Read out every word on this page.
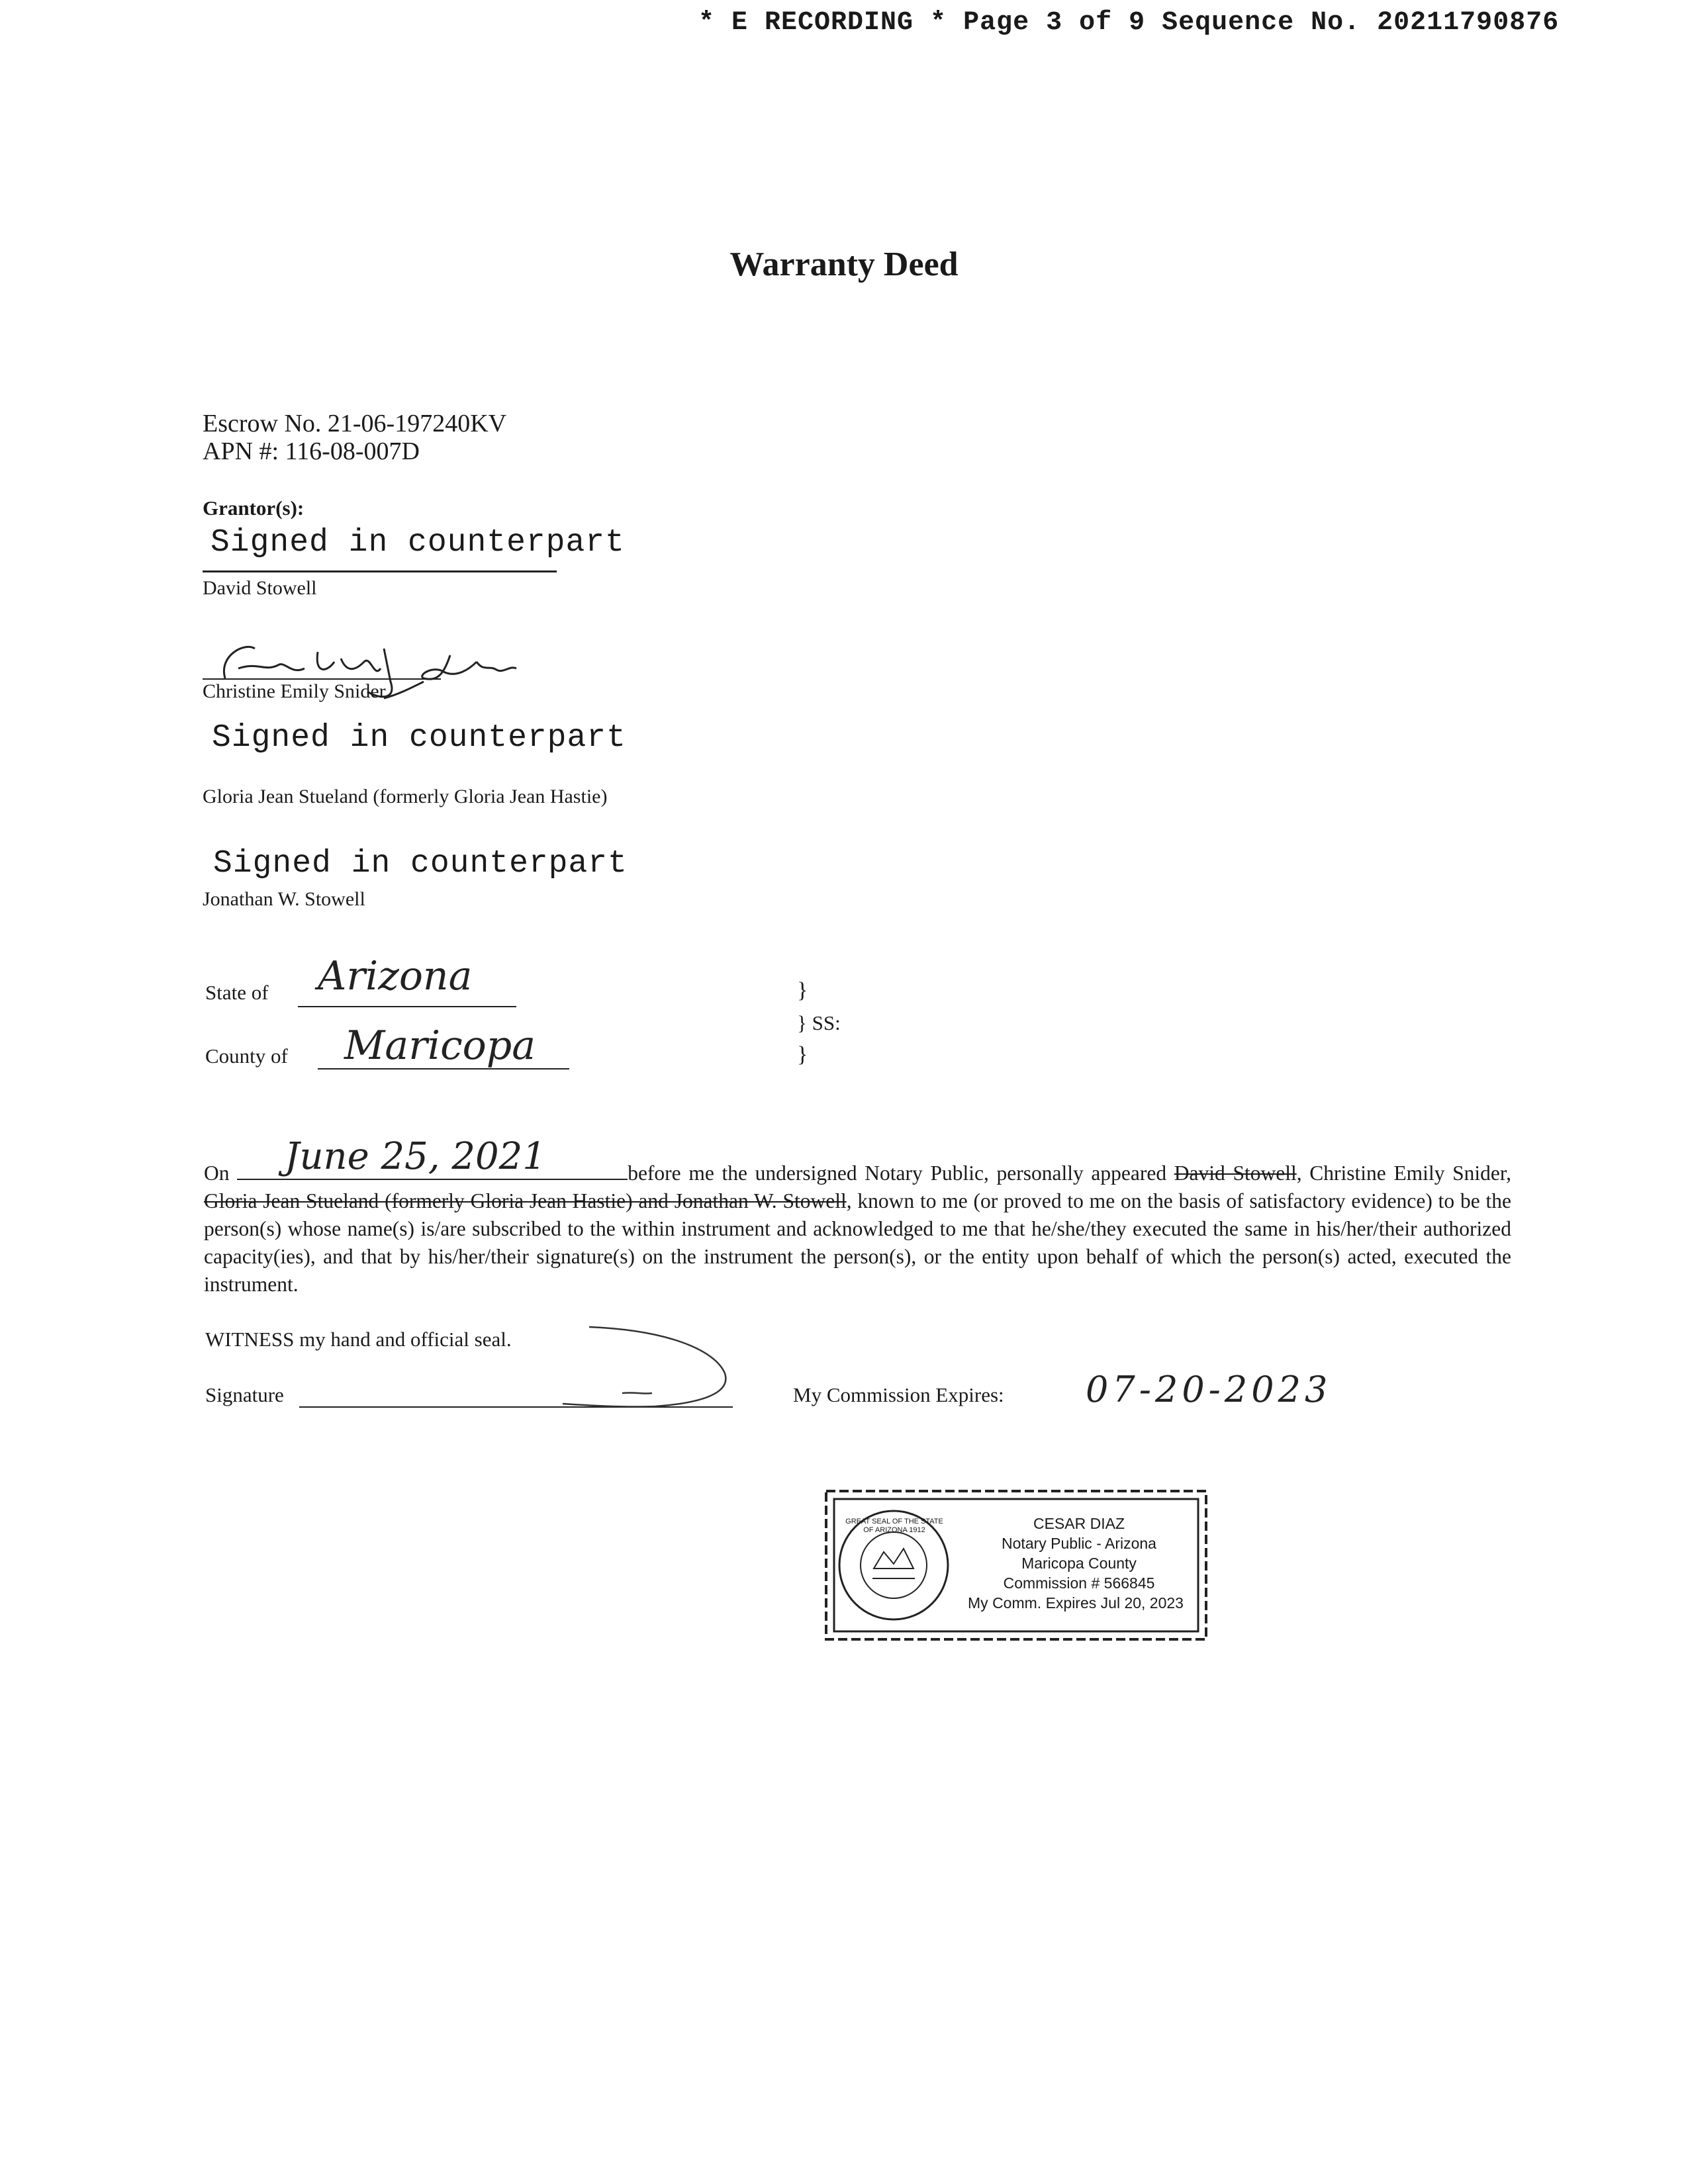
* E RECORDING * Page 3 of 9 Sequence No. 20211790876
Warranty Deed
Escrow No. 21-06-197240KV
APN #: 116-08-007D
Grantor(s):
Signed in counterpart
David Stowell
Christine Emily Snider
Signed in counterpart
Gloria Jean Stueland (formerly Gloria Jean Hastie)
Signed in counterpart
Jonathan W. Stowell
State of Arizona
County of Maricopa
}
} SS:
}
June 25, 2021
On	before me the undersigned Notary Public, personally appeared David Stowell, Christine Emily Snider, Gloria Jean Stueland (formerly Gloria Jean Hastie) and Jonathan W. Stowell, known to me (or proved to me on the basis of satisfactory evidence) to be the person(s) whose name(s) is/are subscribed to the within instrument and acknowledged to me that he/she/they executed the same in his/her/their authorized capacity(ies), and that by his/her/their signature(s) on the instrument the person(s), or the entity upon behalf of which the person(s) acted, executed the instrument.
WITNESS my hand and official seal.
Signature	My Commission Expires: 07-20-2023
GREAT SEAL OF THE STATE OF ARIZONA 1912	CESAR DIAZ
Notary Public - Arizona
Maricopa County
Commission # 566845
My Comm. Expires Jul 20, 2023
